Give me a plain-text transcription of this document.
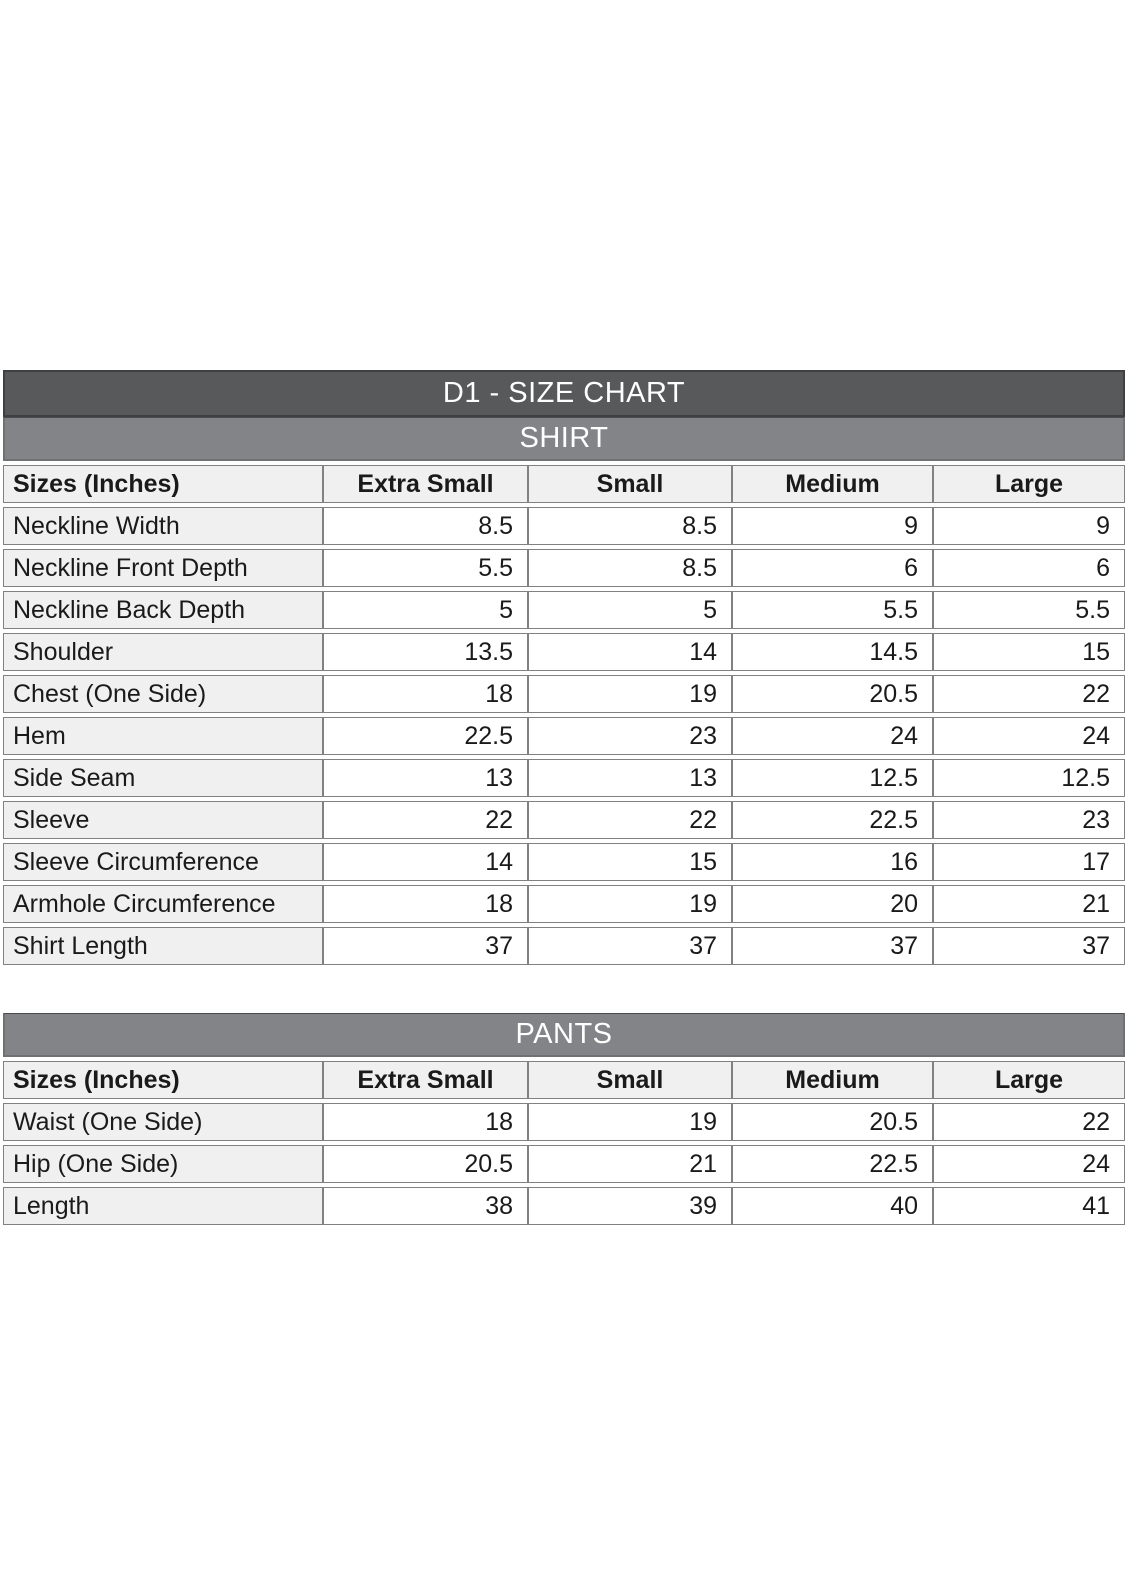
D1 - SIZE CHART
SHIRT
Sizes (Inches)	Extra Small	Small	Medium	Large
Neckline Width	8.5	8.5	9	9
Neckline Front Depth	5.5	8.5	6	6
Neckline Back Depth	5	5	5.5	5.5
Shoulder	13.5	14	14.5	15
Chest (One Side)	18	19	20.5	22
Hem	22.5	23	24	24
Side Seam	13	13	12.5	12.5
Sleeve	22	22	22.5	23
Sleeve Circumference	14	15	16	17
Armhole Circumference	18	19	20	21
Shirt Length	37	37	37	37
PANTS
Sizes (Inches)	Extra Small	Small	Medium	Large
Waist (One Side)	18	19	20.5	22
Hip (One Side)	20.5	21	22.5	24
Length	38	39	40	41
